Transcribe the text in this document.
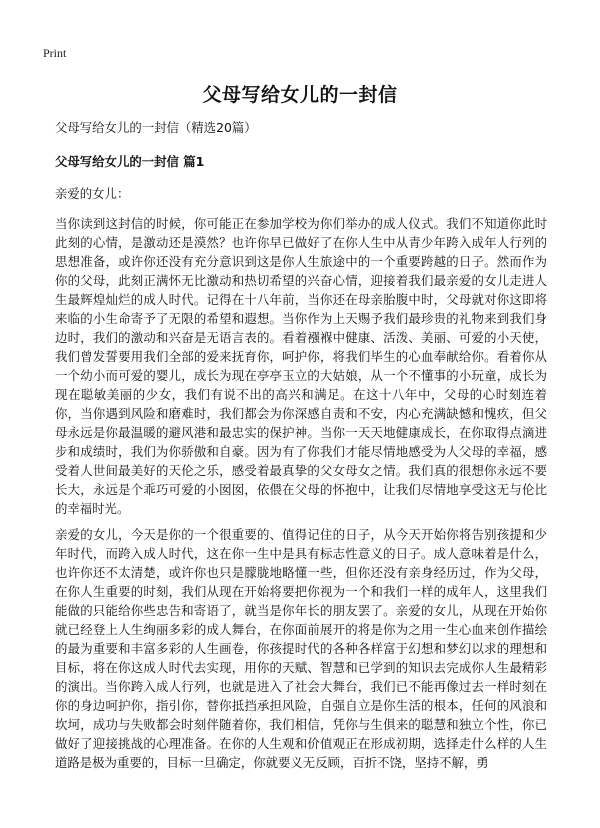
Print
父母写给女儿的一封信

父母写给女儿的一封信（精选20篇）

父母写给女儿的一封信 篇1

亲爱的女儿：

当你读到这封信的时候，你可能正在参加学校为你们举办的成人仪式。我们不知道你此时此刻的心情，是激动还是漠然？也许你早已做好了在你人生中从青少年跨入成年人行列的思想准备，或许你还没有充分意识到这是你人生旅途中的一个重要跨越的日子。然而作为你的父母，此刻正满怀无比激动和热切希望的兴奋心情，迎接着我们最亲爱的女儿走进人生最辉煌灿烂的成人时代。记得在十八年前，当你还在母亲胎腹中时，父母就对你这即将来临的小生命寄予了无限的希望和遐想。当你作为上天赐予我们最珍贵的礼物来到我们身边时，我们的激动和兴奋是无语言表的。看着襁褓中健康、活泼、美丽、可爱的小天使，我们曾发誓要用我们全部的爱来抚育你，呵护你，将我们毕生的心血奉献给你。看着你从一个幼小而可爱的婴儿，成长为现在亭亭玉立的大姑娘，从一个不懂事的小玩童，成长为现在聪敏美丽的少女，我们有说不出的高兴和满足。在这十八年中，父母的心时刻连着你，当你遇到风险和磨难时，我们都会为你深感自责和不安，内心充满缺憾和愧疚，但父母永远是你最温暖的避风港和最忠实的保护神。当你一天天地健康成长，在你取得点滴进步和成绩时，我们为你骄傲和自豪。因为有了你我们才能尽情地感受为人父母的幸福，感受着人世间最美好的天伦之乐，感受着最真挚的父女母女之情。我们真的很想你永远不要长大，永远是个乖巧可爱的小囡囡，依偎在父母的怀抱中，让我们尽情地享受这无与伦比的幸福时光。

亲爱的女儿，今天是你的一个很重要的、值得记住的日子，从今天开始你将告别孩提和少年时代，而跨入成人时代，这在你一生中是具有标志性意义的日子。成人意味着是什么，也许你还不太清楚，或许你也只是朦胧地略懂一些，但你还没有亲身经历过，作为父母，在你人生重要的时刻，我们从现在开始将要把你视为一个和我们一样的成年人，这里我们能做的只能给你些忠告和寄语了，就当是你年长的朋友罢了。亲爱的女儿，从现在开始你就已经登上人生绚丽多彩的成人舞台，在你面前展开的将是你为之用一生心血来创作描绘的最为重要和丰富多彩的人生画卷，你孩提时代的各种各样富于幻想和梦幻以求的理想和目标，将在你这成人时代去实现，用你的天赋、智慧和已学到的知识去完成你人生最精彩的演出。当你跨入成人行列，也就是进入了社会大舞台，我们已不能再像过去一样时刻在你的身边呵护你，指引你，替你抵挡承担风险，自强自立是你生活的根本，任何的风浪和坎坷，成功与失败都会时刻伴随着你，我们相信，凭你与生俱来的聪慧和独立个性，你已做好了迎接挑战的心理准备。在你的人生观和价值观正在形成初期，选择走什么样的人生道路是极为重要的，目标一旦确定，你就要义无反顾，百折不饶，坚持不解，勇
